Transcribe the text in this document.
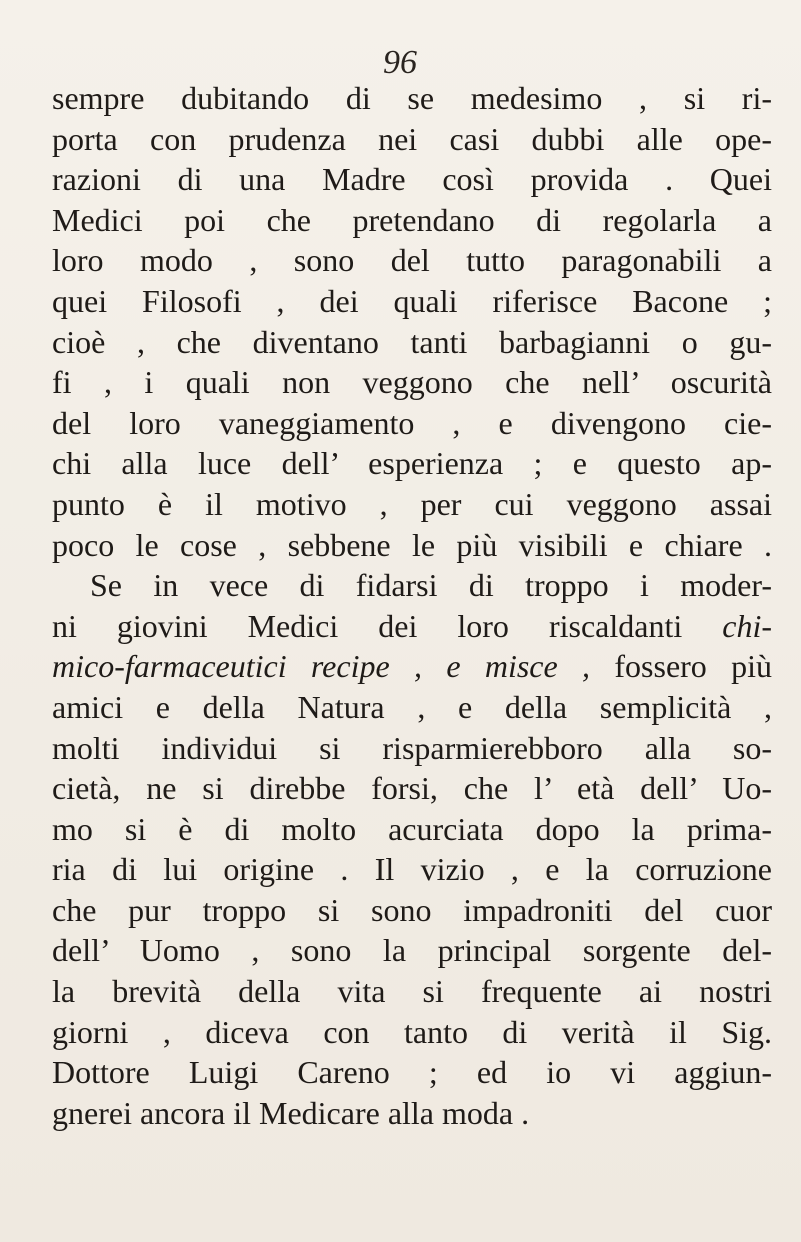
96
sempre dubitando di se medesimo , si ri-
porta con prudenza nei casi dubbi alle ope-
razioni di una Madre così provida . Quei
Medici poi che pretendano di regolarla a
loro modo , sono del tutto paragonabili a
quei Filosofi , dei quali riferisce Bacone ;
cioè , che diventano tanti barbagianni o gu-
fi , i quali non veggono che nell’ oscurità
del loro vaneggiamento , e divengono cie-
chi alla luce dell’ esperienza ; e questo ap-
punto è il motivo , per cui veggono assai
poco le cose , sebbene le più visibili e chiare .
Se in vece di fidarsi di troppo i moder-
ni giovini Medici dei loro riscaldanti chi-
mico-farmaceutici recipe , e misce , fossero più
amici e della Natura , e della semplicità ,
molti individui si risparmierebboro alla so-
cietà, ne si direbbe forsi, che l’ età dell’ Uo-
mo si è di molto acurciata dopo la prima-
ria di lui origine . Il vizio , e la corruzione
che pur troppo si sono impadroniti del cuor
dell’ Uomo , sono la principal sorgente del-
la brevità della vita si frequente ai nostri
giorni , diceva con tanto di verità il Sig.
Dottore Luigi Careno ; ed io vi aggiun-
gnerei ancora il Medicare alla moda .
